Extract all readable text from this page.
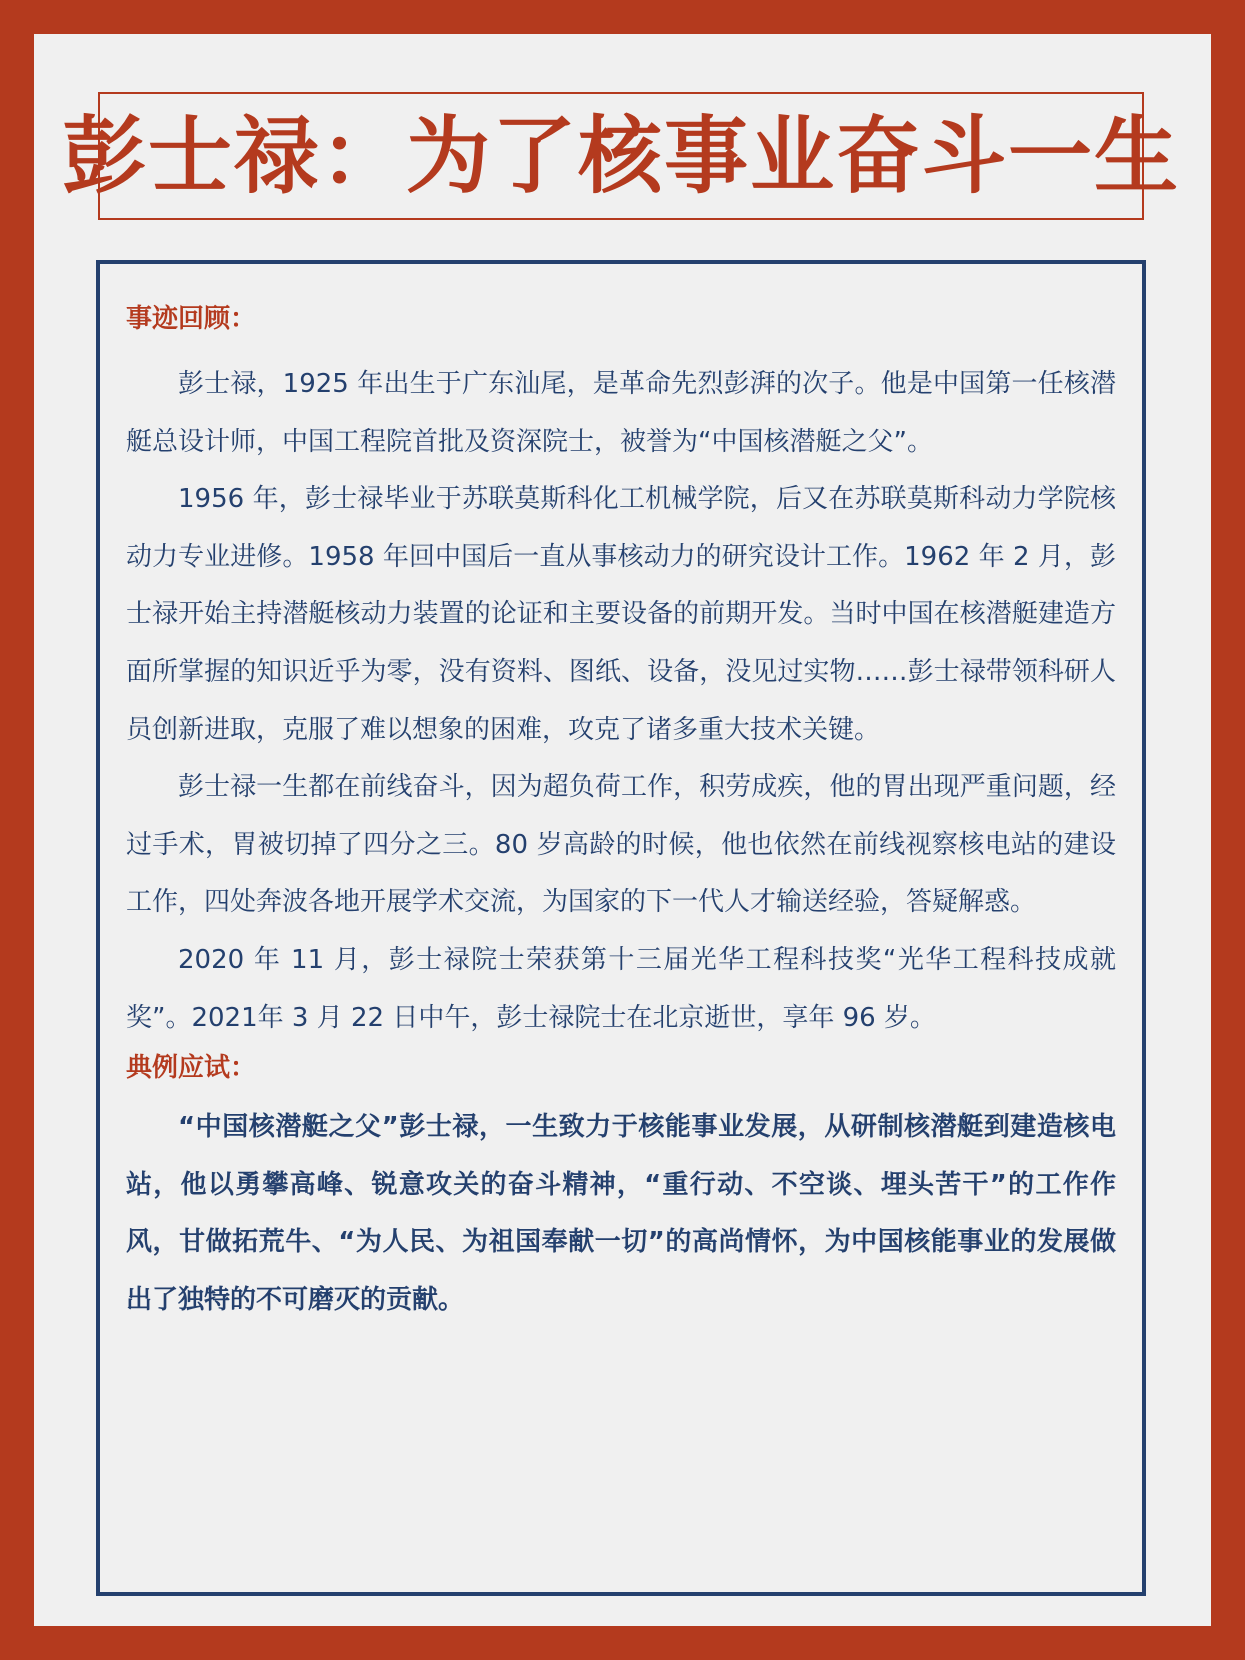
彭士禄：为了核事业奋斗一生
事迹回顾：

彭士禄，1925 年出生于广东汕尾，是革命先烈彭湃的次子。他是中国第一任核潜艇总设计师，中国工程院首批及资深院士，被誉为“中国核潜艇之父”。

1956 年，彭士禄毕业于苏联莫斯科化工机械学院，后又在苏联莫斯科动力学院核动力专业进修。1958 年回中国后一直从事核动力的研究设计工作。1962 年 2 月，彭士禄开始主持潜艇核动力装置的论证和主要设备的前期开发。当时中国在核潜艇建造方面所掌握的知识近乎为零，没有资料、图纸、设备，没见过实物……彭士禄带领科研人员创新进取，克服了难以想象的困难，攻克了诸多重大技术关键。

彭士禄一生都在前线奋斗，因为超负荷工作，积劳成疾，他的胃出现严重问题，经过手术，胃被切掉了四分之三。80 岁高龄的时候，他也依然在前线视察核电站的建设工作，四处奔波各地开展学术交流，为国家的下一代人才输送经验，答疑解惑。

2020 年 11 月，彭士禄院士荣获第十三届光华工程科技奖“光华工程科技成就奖”。2021年 3 月 22 日中午，彭士禄院士在北京逝世，享年 96 岁。

典例应试：

“中国核潜艇之父”彭士禄，一生致力于核能事业发展，从研制核潜艇到建造核电站，他以勇攀高峰、锐意攻关的奋斗精神，“重行动、不空谈、埋头苦干”的工作作风，甘做拓荒牛、“为人民、为祖国奉献一切”的高尚情怀，为中国核能事业的发展做出了独特的不可磨灭的贡献。
